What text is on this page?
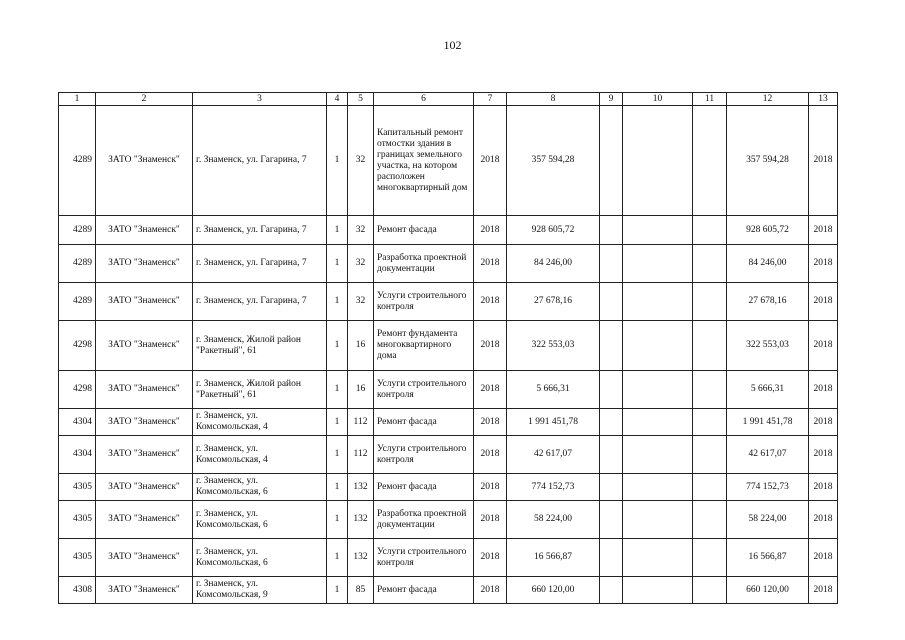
102
1	2	3	4	5	6	7	8	9	10	11	12	13
4289	ЗАТО "Знаменск"	г. Знаменск, ул. Гагарина, 7	1	32	Капитальный ремонт отмостки здания в границах земельного участка, на котором расположен многоквартирный дом	2018	357 594,28				357 594,28	2018
4289	ЗАТО "Знаменск"	г. Знаменск, ул. Гагарина, 7	1	32	Ремонт фасада	2018	928 605,72				928 605,72	2018
4289	ЗАТО "Знаменск"	г. Знаменск, ул. Гагарина, 7	1	32	Разработка проектной документации	2018	84 246,00				84 246,00	2018
4289	ЗАТО "Знаменск"	г. Знаменск, ул. Гагарина, 7	1	32	Услуги строительного контроля	2018	27 678,16				27 678,16	2018
4298	ЗАТО "Знаменск"	г. Знаменск, Жилой район "Ракетный", 61	1	16	Ремонт фундамента многоквартирного дома	2018	322 553,03				322 553,03	2018
4298	ЗАТО "Знаменск"	г. Знаменск, Жилой район "Ракетный", 61	1	16	Услуги строительного контроля	2018	5 666,31				5 666,31	2018
4304	ЗАТО "Знаменск"	г. Знаменск, ул. Комсомольская, 4	1	112	Ремонт фасада	2018	1 991 451,78				1 991 451,78	2018
4304	ЗАТО "Знаменск"	г. Знаменск, ул. Комсомольская, 4	1	112	Услуги строительного контроля	2018	42 617,07				42 617,07	2018
4305	ЗАТО "Знаменск"	г. Знаменск, ул. Комсомольская, 6	1	132	Ремонт фасада	2018	774 152,73				774 152,73	2018
4305	ЗАТО "Знаменск"	г. Знаменск, ул. Комсомольская, 6	1	132	Разработка проектной документации	2018	58 224,00				58 224,00	2018
4305	ЗАТО "Знаменск"	г. Знаменск, ул. Комсомольская, 6	1	132	Услуги строительного контроля	2018	16 566,87				16 566,87	2018
4308	ЗАТО "Знаменск"	г. Знаменск, ул. Комсомольская, 9	1	85	Ремонт фасада	2018	660 120,00				660 120,00	2018
